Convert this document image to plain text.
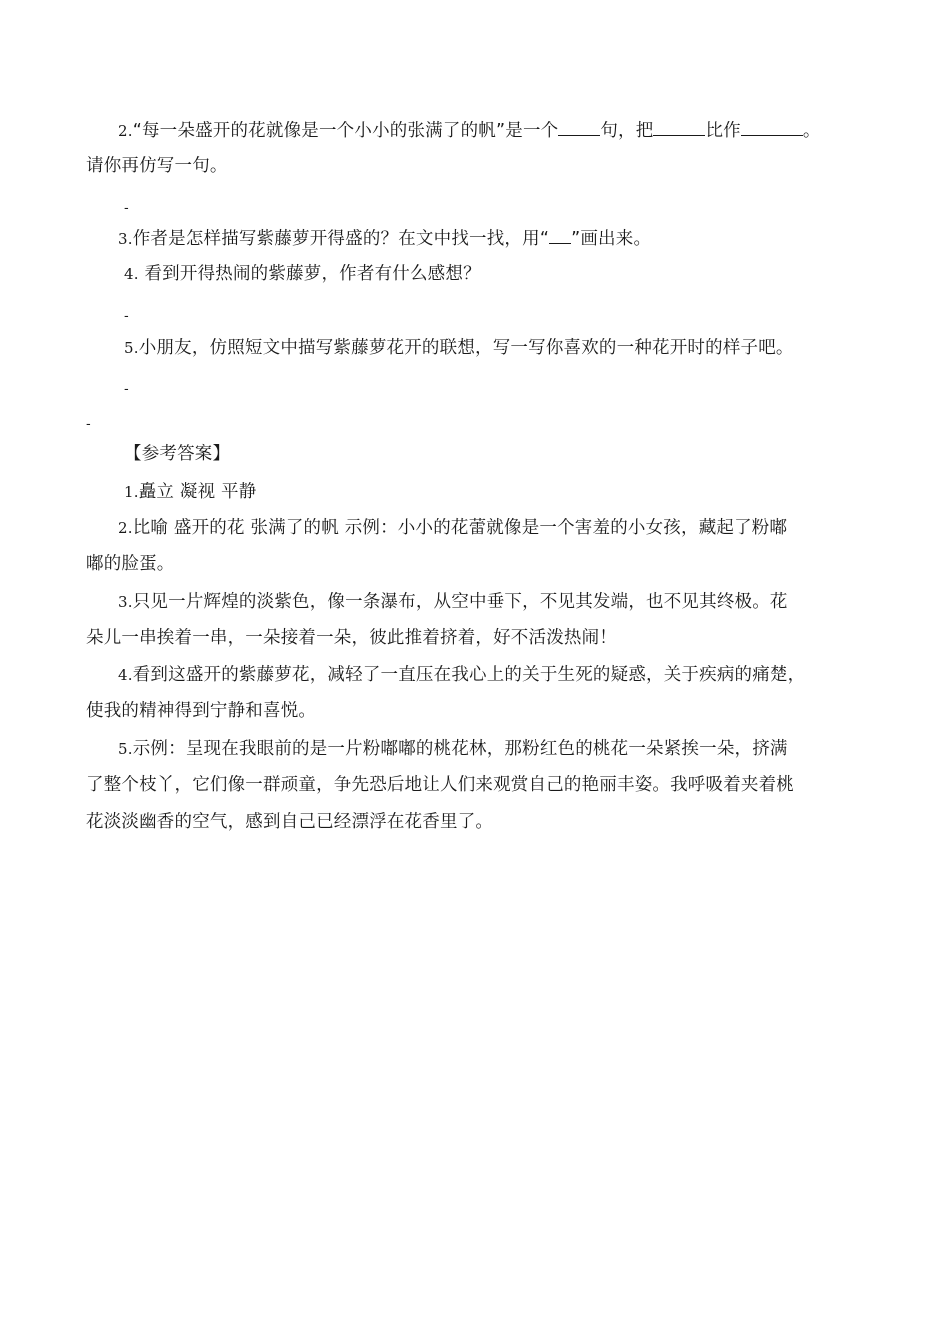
2.“每一朵盛开的花就像是一个小小的张满了的帆”是一个 句，把	比作	。
请你再仿写一句。
-
3.作者是怎样描写紫藤萝开得盛的？在文中找一找，用“ ”画出来。
4. 看到开得热闹的紫藤萝，作者有什么感想？
-
5.小朋友，仿照短文中描写紫藤萝花开的联想，写一写你喜欢的一种花开时的样子吧。
-
-
【参考答案】
1.矗立 凝视 平静
2.比喻 盛开的花 张满了的帆 示例：小小的花蕾就像是一个害羞的小女孩，藏起了粉嘟
嘟的脸蛋。
3.只见一片辉煌的淡紫色，像一条瀑布，从空中垂下，不见其发端，也不见其终极。花
朵儿一串挨着一串，一朵接着一朵，彼此推着挤着，好不活泼热闹！
4.看到这盛开的紫藤萝花，减轻了一直压在我心上的关于生死的疑惑，关于疾病的痛楚，
使我的精神得到宁静和喜悦。
5.示例：呈现在我眼前的是一片粉嘟嘟的桃花林，那粉红色的桃花一朵紧挨一朵，挤满
了整个枝丫，它们像一群顽童，争先恐后地让人们来观赏自己的艳丽丰姿。我呼吸着夹着桃
花淡淡幽香的空气，感到自己已经漂浮在花香里了。
